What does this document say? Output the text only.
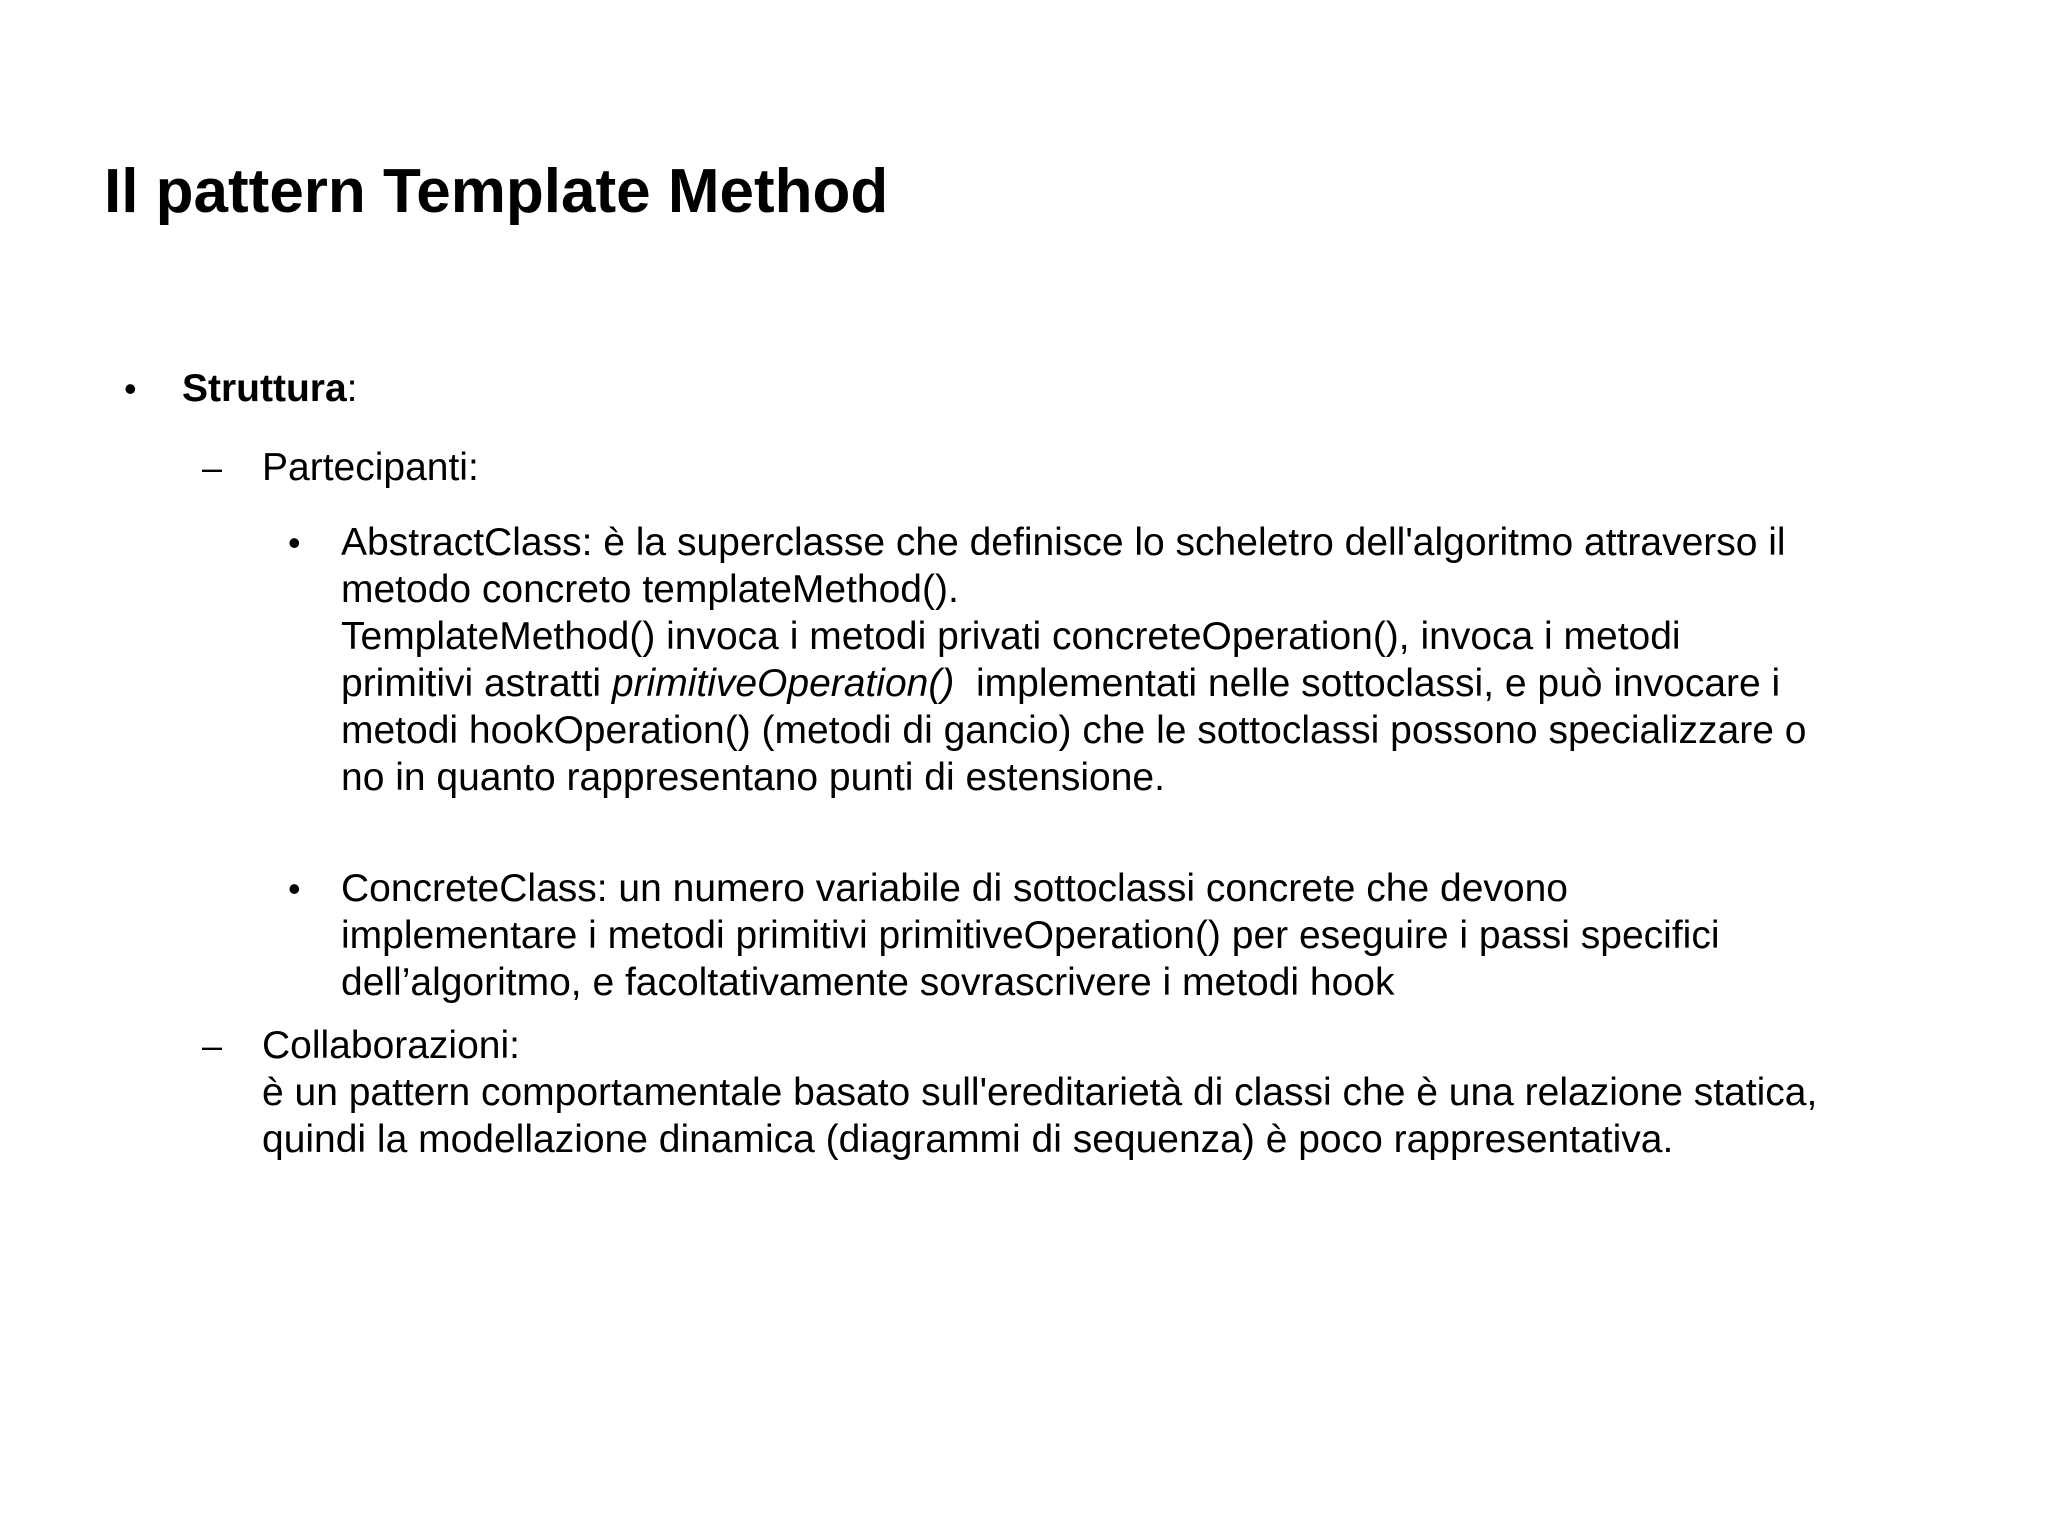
Il pattern Template Method
• Struttura:
– Partecipanti:
• AbstractClass: è la superclasse che definisce lo scheletro dell'algoritmo attraverso il
metodo concreto templateMethod().
TemplateMethod() invoca i metodi privati concreteOperation(), invoca i metodi
primitivi astratti primitiveOperation()  implementati nelle sottoclassi, e può invocare i
metodi hookOperation() (metodi di gancio) che le sottoclassi possono specializzare o
no in quanto rappresentano punti di estensione.
• ConcreteClass: un numero variabile di sottoclassi concrete che devono
implementare i metodi primitivi primitiveOperation() per eseguire i passi specifici
dell’algoritmo, e facoltativamente sovrascrivere i metodi hook
– Collaborazioni:
è un pattern comportamentale basato sull'ereditarietà di classi che è una relazione statica,
quindi la modellazione dinamica (diagrammi di sequenza) è poco rappresentativa.
